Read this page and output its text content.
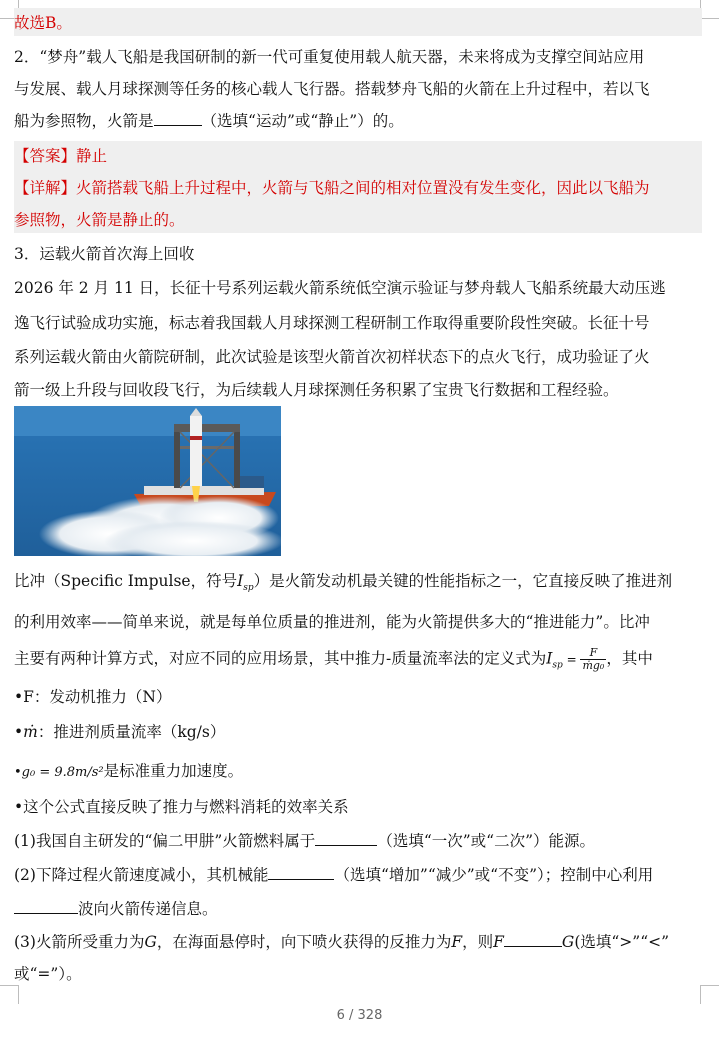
故选B。
2．“梦舟”载人飞船是我国研制的新一代可重复使用载人航天器，未来将成为支撑空间站应用
与发展、载人月球探测等任务的核心载人飞行器。搭载梦舟飞船的火箭在上升过程中，若以飞
船为参照物，火箭是	（选填“运动”或“静止”）的。
【答案】静止
【详解】火箭搭载飞船上升过程中，火箭与飞船之间的相对位置没有发生变化，因此以飞船为
参照物，火箭是静止的。
3．运载火箭首次海上回收
2026 年 2 月 11 日，长征十号系列运载火箭系统低空演示验证与梦舟载人飞船系统最大动压逃
逸飞行试验成功实施，标志着我国载人月球探测工程研制工作取得重要阶段性突破。长征十号
系列运载火箭由火箭院研制，此次试验是该型火箭首次初样状态下的点火飞行，成功验证了火
箭一级上升段与回收段飞行，为后续载人月球探测任务积累了宝贵飞行数据和工程经验。
比冲（Specific Impulse，符号$I_{sp}$）是火箭发动机最关键的性能指标之一，它直接反映了推进剂
的利用效率——简单来说，就是每单位质量的推进剂，能为火箭提供多大的“推进能力”。比冲
主要有两种计算方式，对应不同的应用场景，其中推力-质量流率法的定义式为$I_{sp} = \frac{F}{\text{ṁg₀}}$ ，其中
•F：发动机推力（N）
•ṁ：推进剂质量流率（kg/s）
•g₀ = 9.8m/s²是标准重力加速度。
•这个公式直接反映了推力与燃料消耗的效率关系
(1)我国自主研发的“偏二甲肼”火箭燃料属于	（选填“一次”或“二次”）能源。
(2)下降过程火箭速度减小，其机械能	（选填“增加”“减少”或“不变”）；控制中心利用
波向火箭传递信息。
(3)火箭所受重力为G，在海面悬停时，向下喷火获得的反推力为F，则F	G(选填“>”“<”
或“=”）。
6 / 328
